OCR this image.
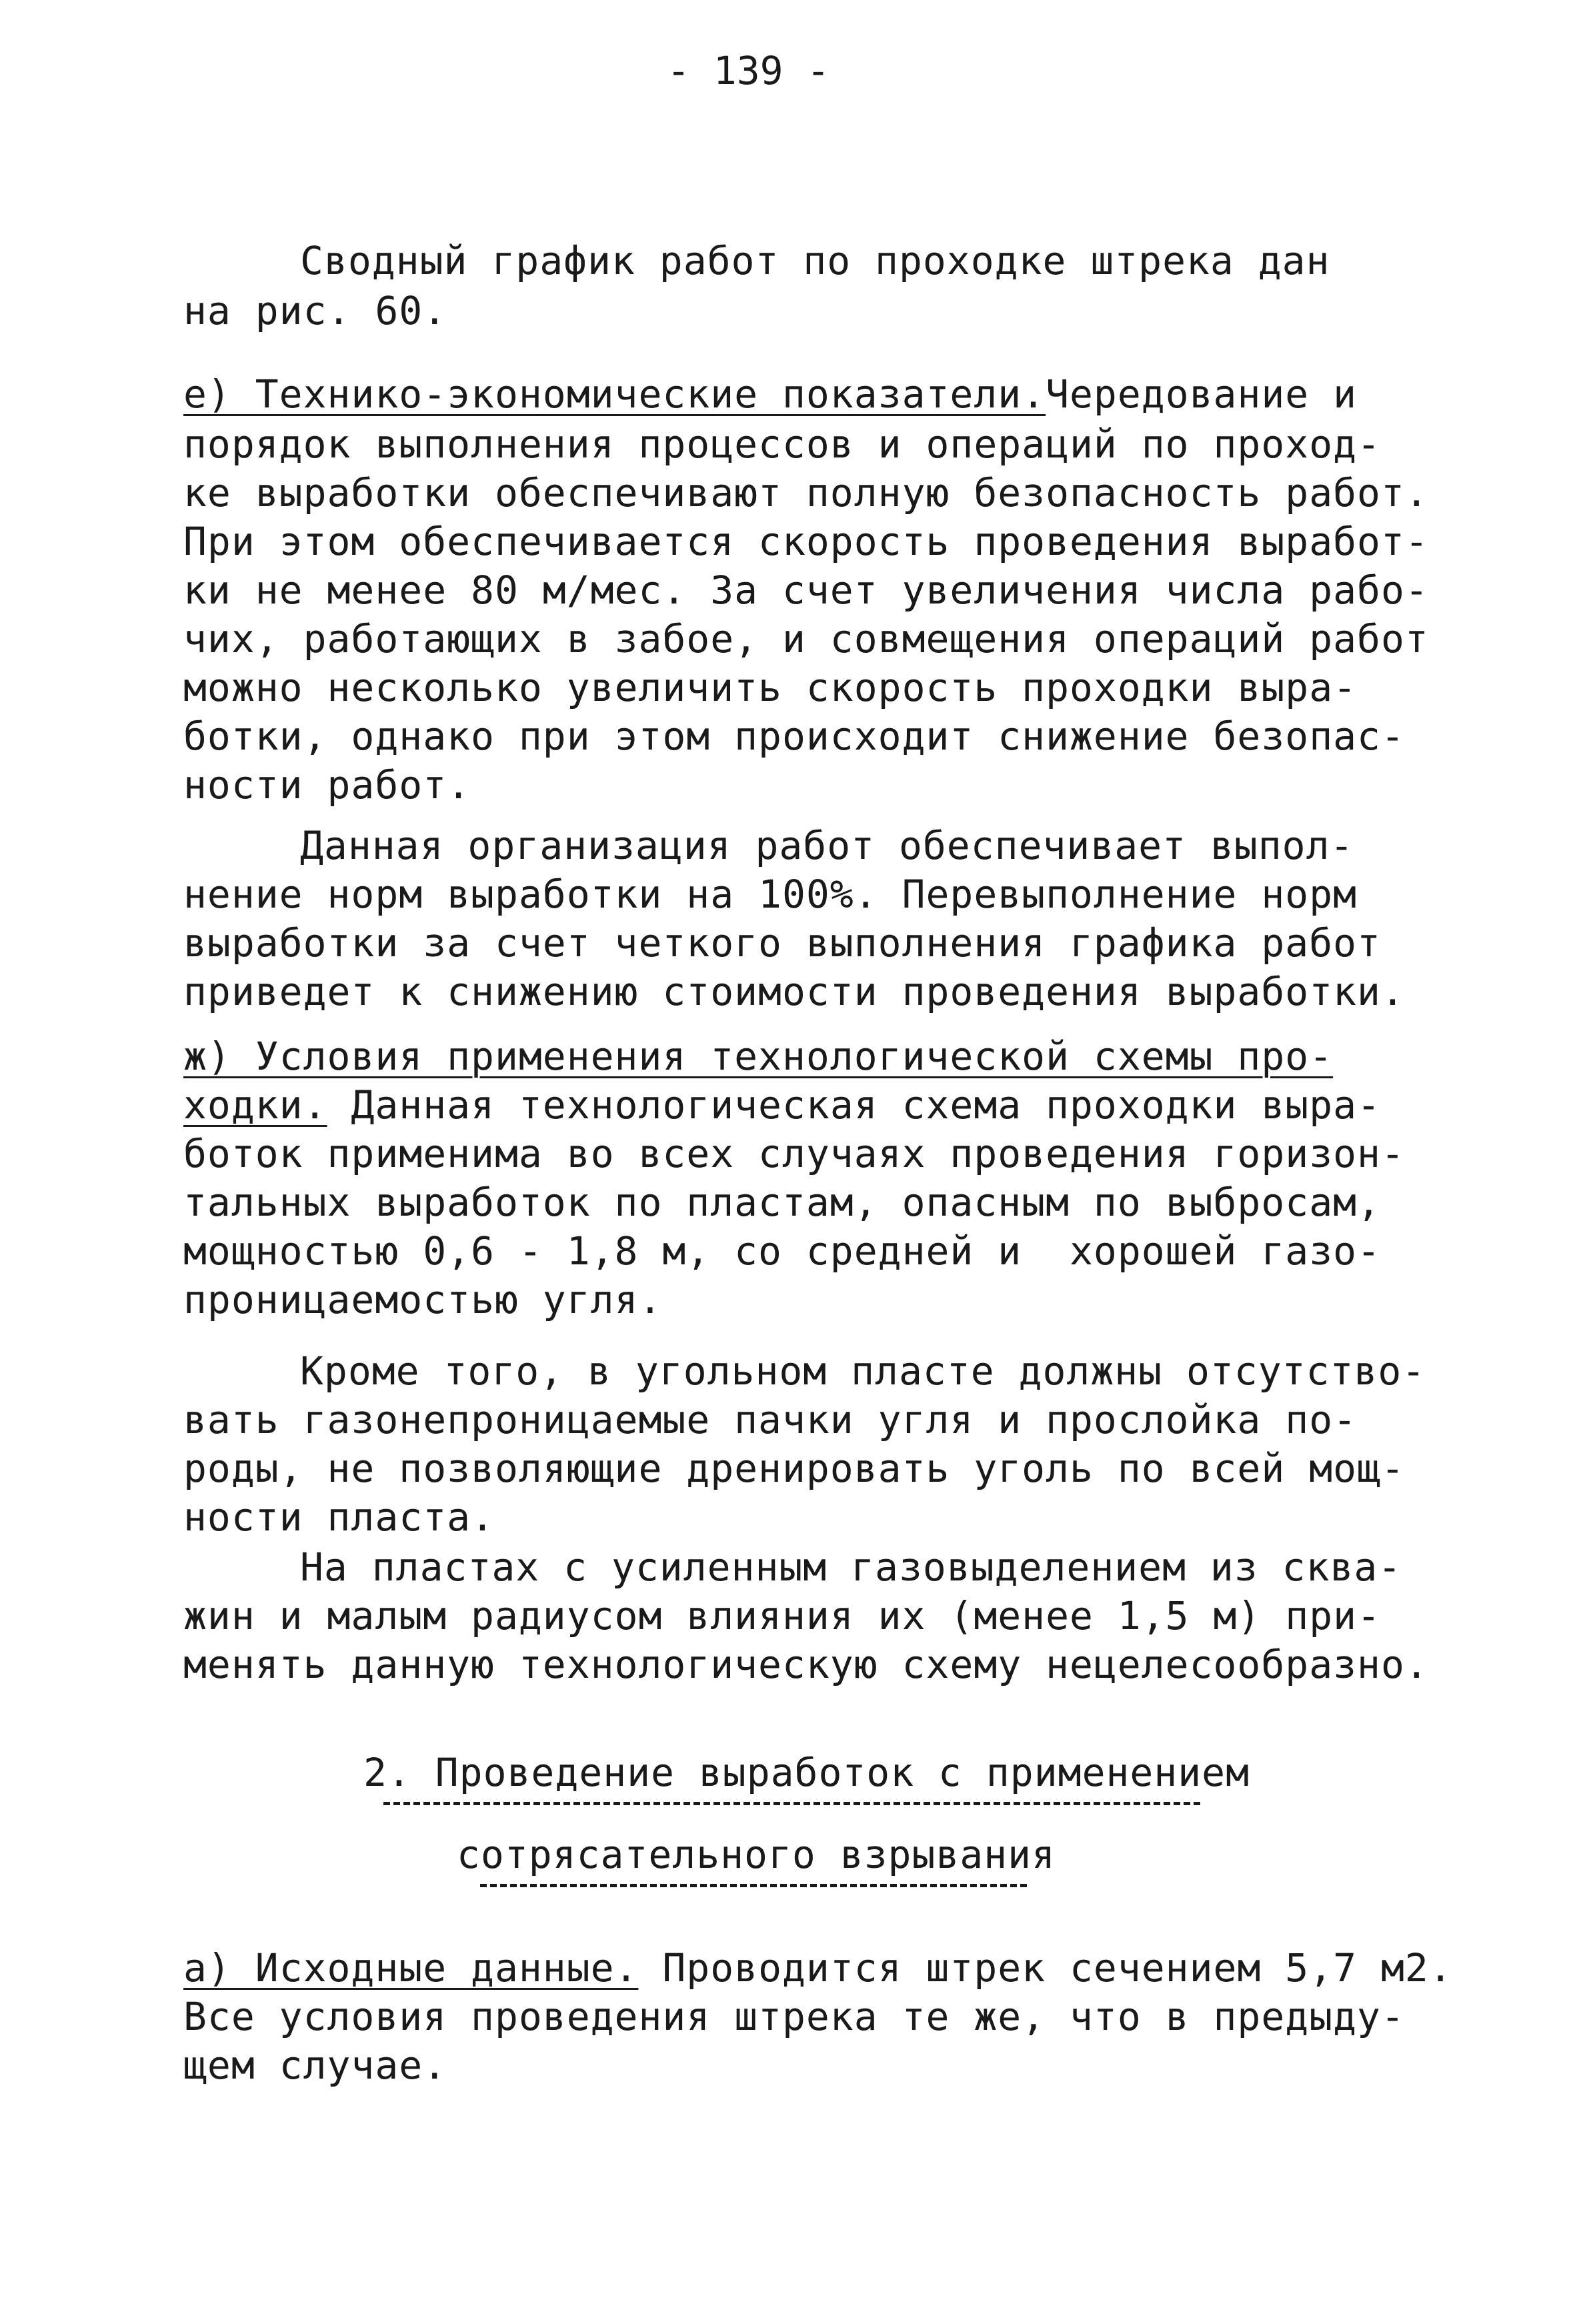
- 139 -
Сводный график работ по проходке штрека дан
на рис. 60.
е) Технико-экономические показатели.Чередование и
порядок выполнения процессов и операций по проход-
ке выработки обеспечивают полную безопасность работ.
При этом обеспечивается скорость проведения выработ-
ки не менее 80 м/мес. За счет увеличения числа рабо-
чих, работающих в забое, и совмещения операций работ
можно несколько увеличить скорость проходки выра-
ботки, однако при этом происходит снижение безопас-
ности работ.
Данная организация работ обеспечивает выпол-
нение норм выработки на 100%. Перевыполнение норм
выработки за счет четкого выполнения графика работ
приведет к снижению стоимости проведения выработки.
ж) Условия применения технологической схемы про-
ходки. Данная технологическая схема проходки выра-
боток применима во всех случаях проведения горизон-
тальных выработок по пластам, опасным по выбросам,
мощностью 0,6 - 1,8 м, со средней и  хорошей газо-
проницаемостью угля.
Кроме того, в угольном пласте должны отсутство-
вать газонепроницаемые пачки угля и прослойка по-
роды, не позволяющие дренировать уголь по всей мощ-
ности пласта.
На пластах с усиленным газовыделением из сква-
жин и малым радиусом влияния их (менее 1,5 м) при-
менять данную технологическую схему нецелесообразно.
2. Проведение выработок с применением
сотрясательного взрывания
а) Исходные данные. Проводится штрек сечением 5,7 м2.
Все условия проведения штрека те же, что в предыду-
щем случае.
